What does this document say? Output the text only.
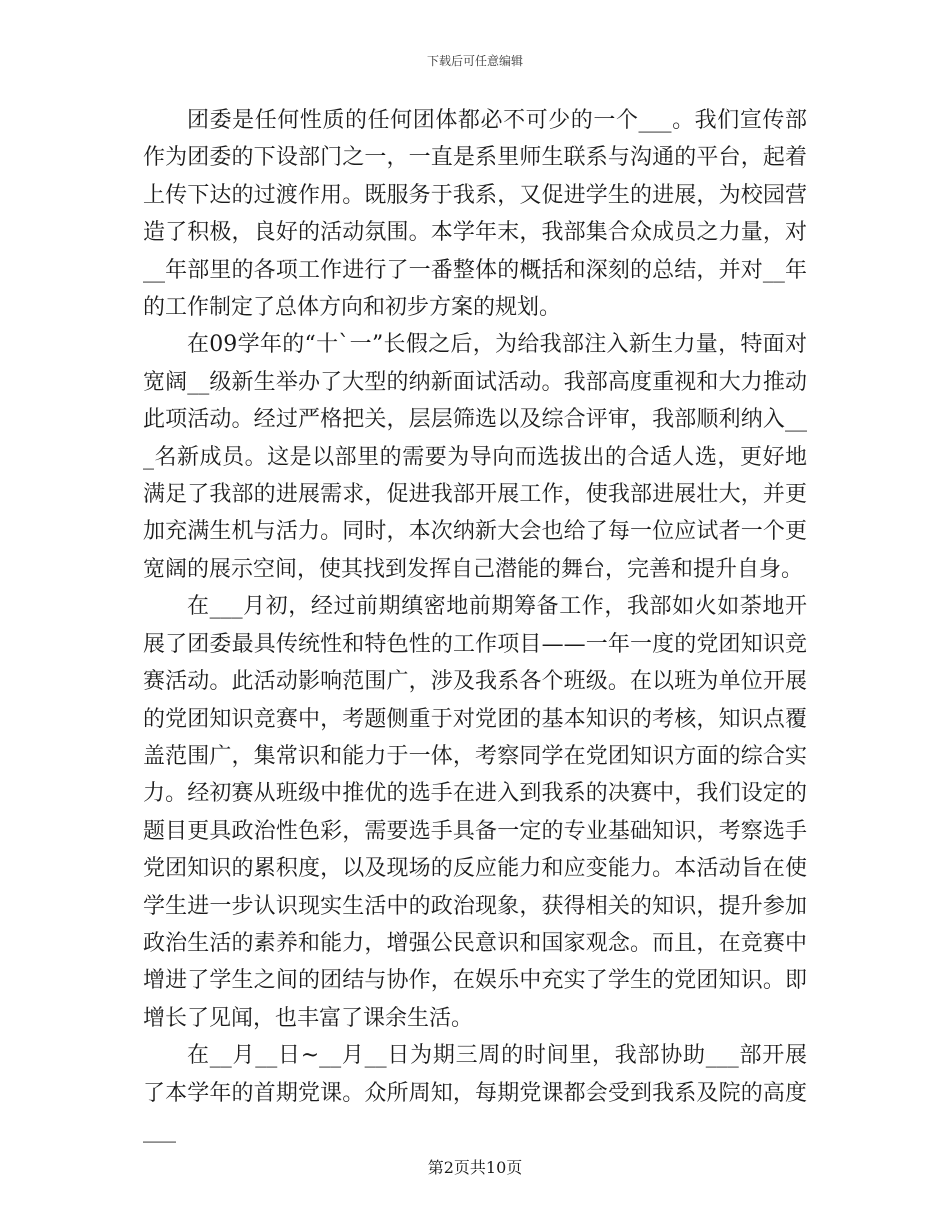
下载后可任意编辑

团委是任何性质的任何团体都必不可少的一个___。我们宣传部作为团委的下设部门之一，一直是系里师生联系与沟通的平台，起着上传下达的过渡作用。既服务于我系，又促进学生的进展，为校园营造了积极，良好的活动氛围。本学年末，我部集合众成员之力量，对__年部里的各项工作进行了一番整体的概括和深刻的总结，并对__年的工作制定了总体方向和初步方案的规划。

在09学年的“十`一”长假之后，为给我部注入新生力量，特面对宽阔__级新生举办了大型的纳新面试活动。我部高度重视和大力推动此项活动。经过严格把关，层层筛选以及综合评审，我部顺利纳入___名新成员。这是以部里的需要为导向而选拔出的合适人选，更好地满足了我部的进展需求，促进我部开展工作，使我部进展壮大，并更加充满生机与活力。同时，本次纳新大会也给了每一位应试者一个更宽阔的展示空间，使其找到发挥自己潜能的舞台，完善和提升自身。

在___月初，经过前期缜密地前期筹备工作，我部如火如荼地开展了团委最具传统性和特色性的工作项目——一年一度的党团知识竞赛活动。此活动影响范围广，涉及我系各个班级。在以班为单位开展的党团知识竞赛中，考题侧重于对党团的基本知识的考核，知识点覆盖范围广，集常识和能力于一体，考察同学在党团知识方面的综合实力。经初赛从班级中推优的选手在进入到我系的决赛中，我们设定的题目更具政治性色彩，需要选手具备一定的专业基础知识，考察选手党团知识的累积度，以及现场的反应能力和应变能力。本活动旨在使学生进一步认识现实生活中的政治现象，获得相关的知识，提升参加政治生活的素养和能力，增强公民意识和国家观念。而且，在竞赛中增进了学生之间的团结与协作，在娱乐中充实了学生的党团知识。即增长了见闻，也丰富了课余生活。

在__月__日~__月__日为期三周的时间里，我部协助___部开展了本学年的首期党课。众所周知，每期党课都会受到我系及院的高度___

第2页共10页
